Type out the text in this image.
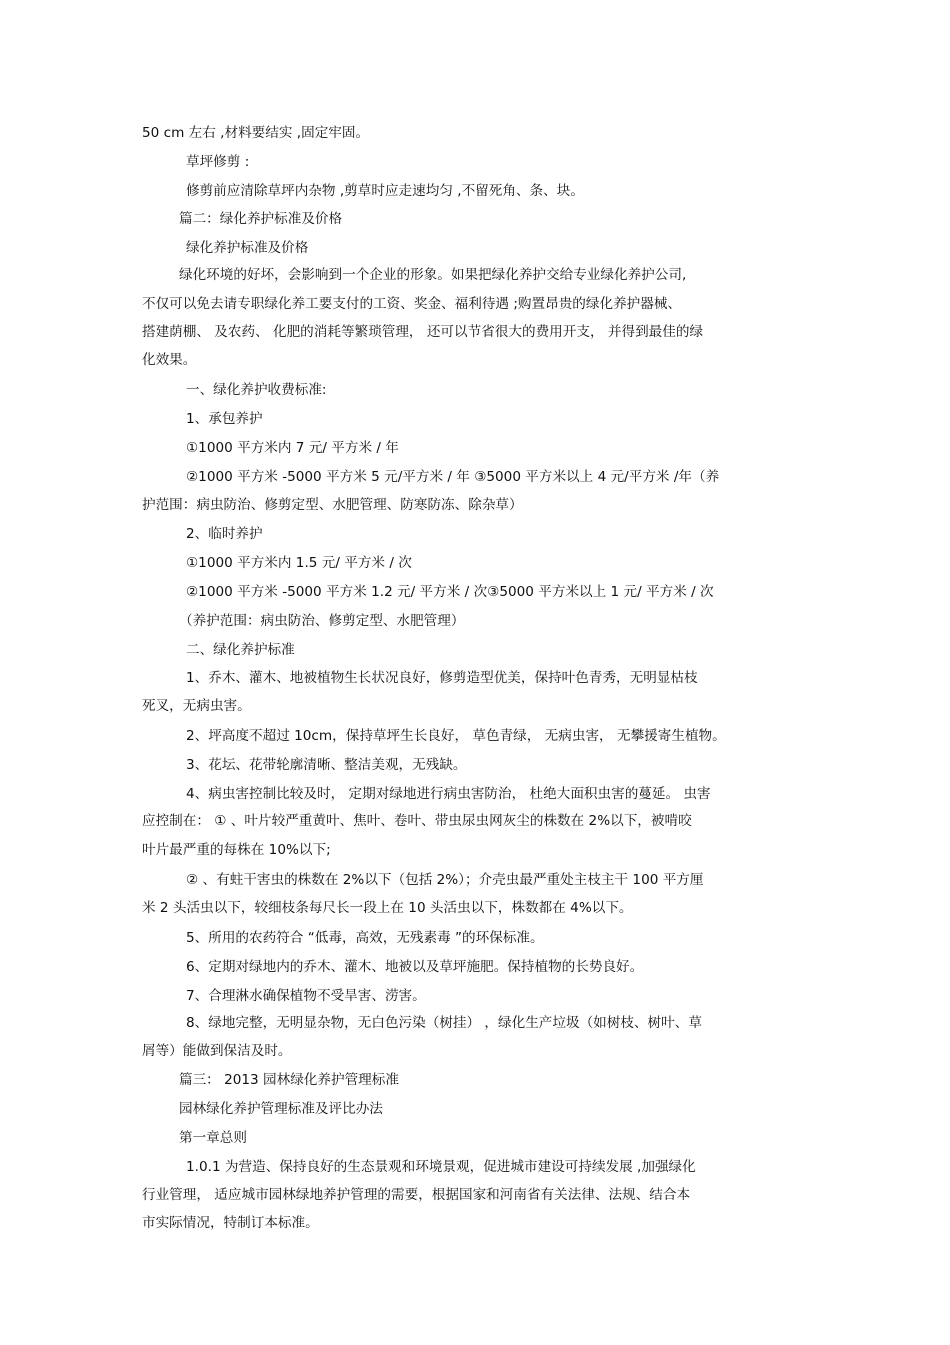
50 cm 左右 ,材料要结实 ,固定牢固。
草坪修剪 :
修剪前应清除草坪内杂物 ,剪草时应走速均匀 ,不留死角、条、块。
篇二：绿化养护标准及价格
绿化养护标准及价格
绿化环境的好坏，会影响到一个企业的形象。如果把绿化养护交给专业绿化养护公司,
不仅可以免去请专职绿化养工要支付的工资、奖金、福利待遇 ;购置昂贵的绿化养护器械、
搭建荫棚、 及农药、 化肥的消耗等繁琐管理， 还可以节省很大的费用开支， 并得到最佳的绿
化效果。
一、绿化养护收费标准:
1、承包养护
①1000 平方米内 7 元/ 平方米 / 年
②1000 平方米 -5000 平方米 5 元/平方米 / 年 ③5000 平方米以上 4 元/平方米 /年（养
护范围：病虫防治、修剪定型、水肥管理、防寒防冻、除杂草）
2、临时养护
①1000 平方米内 1.5 元/ 平方米 / 次
②1000 平方米 -5000 平方米 1.2 元/ 平方米 / 次③5000 平方米以上 1 元/ 平方米 / 次
（养护范围：病虫防治、修剪定型、水肥管理）
二、绿化养护标准
1、乔木、灌木、地被植物生长状况良好，修剪造型优美，保持叶色青秀，无明显枯枝
死叉，无病虫害。
2、坪高度不超过 10cm，保持草坪生长良好， 草色青绿， 无病虫害， 无攀援寄生植物。
3、花坛、花带轮廓清晰、整洁美观，无残缺。
4、病虫害控制比较及时， 定期对绿地进行病虫害防治， 杜绝大面积虫害的蔓延。 虫害
应控制在： ① 、叶片较严重黄叶、焦叶、卷叶、带虫尿虫网灰尘的株数在 2%以下，被啃咬
叶片最严重的每株在 10%以下;
② 、有蛀干害虫的株数在 2%以下（包括 2%）；介壳虫最严重处主枝主干 100 平方厘
米 2 头活虫以下，较细枝条每尺长一段上在 10 头活虫以下，株数都在 4%以下。
5、所用的农药符合 “低毒，高效，无残素毒 ”的环保标准。
6、定期对绿地内的乔木、灌木、地被以及草坪施肥。保持植物的长势良好。
7、合理淋水确保植物不受旱害、涝害。
8、绿地完整，无明显杂物，无白色污染（树挂） ，绿化生产垃圾（如树枝、树叶、草
屑等）能做到保洁及时。
篇三： 2013 园林绿化养护管理标准
园林绿化养护管理标准及评比办法
第一章总则
1.0.1 为营造、保持良好的生态景观和环境景观，促进城市建设可持续发展 ,加强绿化
行业管理， 适应城市园林绿地养护管理的需要，根据国家和河南省有关法律、法规、结合本
市实际情况，特制订本标准。
